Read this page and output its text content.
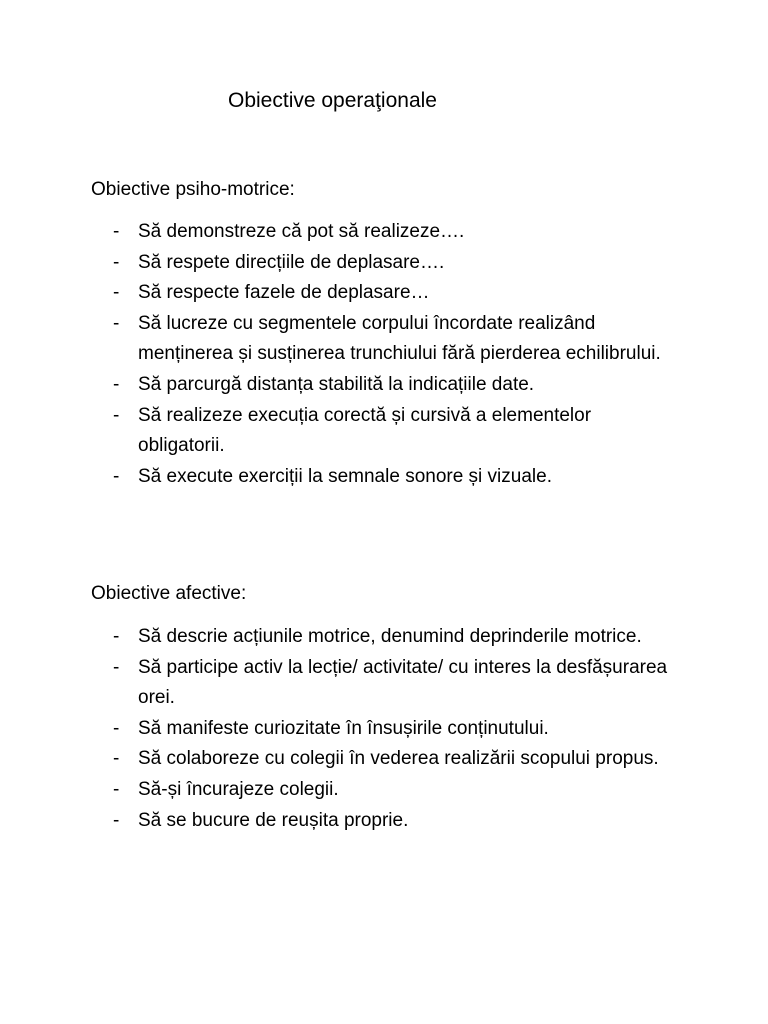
Obiective operaţionale
Obiective psiho-motrice:
- Să demonstreze că pot să realizeze….
- Să respete direcțiile de deplasare….
- Să respecte fazele de deplasare…
- Să lucreze cu segmentele corpului încordate realizând menținerea și susținerea trunchiului fără pierderea echilibrului.
- Să parcurgă distanța stabilită la indicațiile date.
- Să realizeze execuția corectă și cursivă a elementelor obligatorii.
- Să execute exerciții la semnale sonore și vizuale.
Obiective afective:
- Să descrie acțiunile motrice, denumind deprinderile motrice.
- Să participe activ la lecție/ activitate/ cu interes la desfășurarea orei.
- Să manifeste curiozitate în însușirile conținutului.
- Să colaboreze cu colegii în vederea realizării scopului propus.
- Să-și încurajeze colegii.
- Să se bucure de reușita proprie.
